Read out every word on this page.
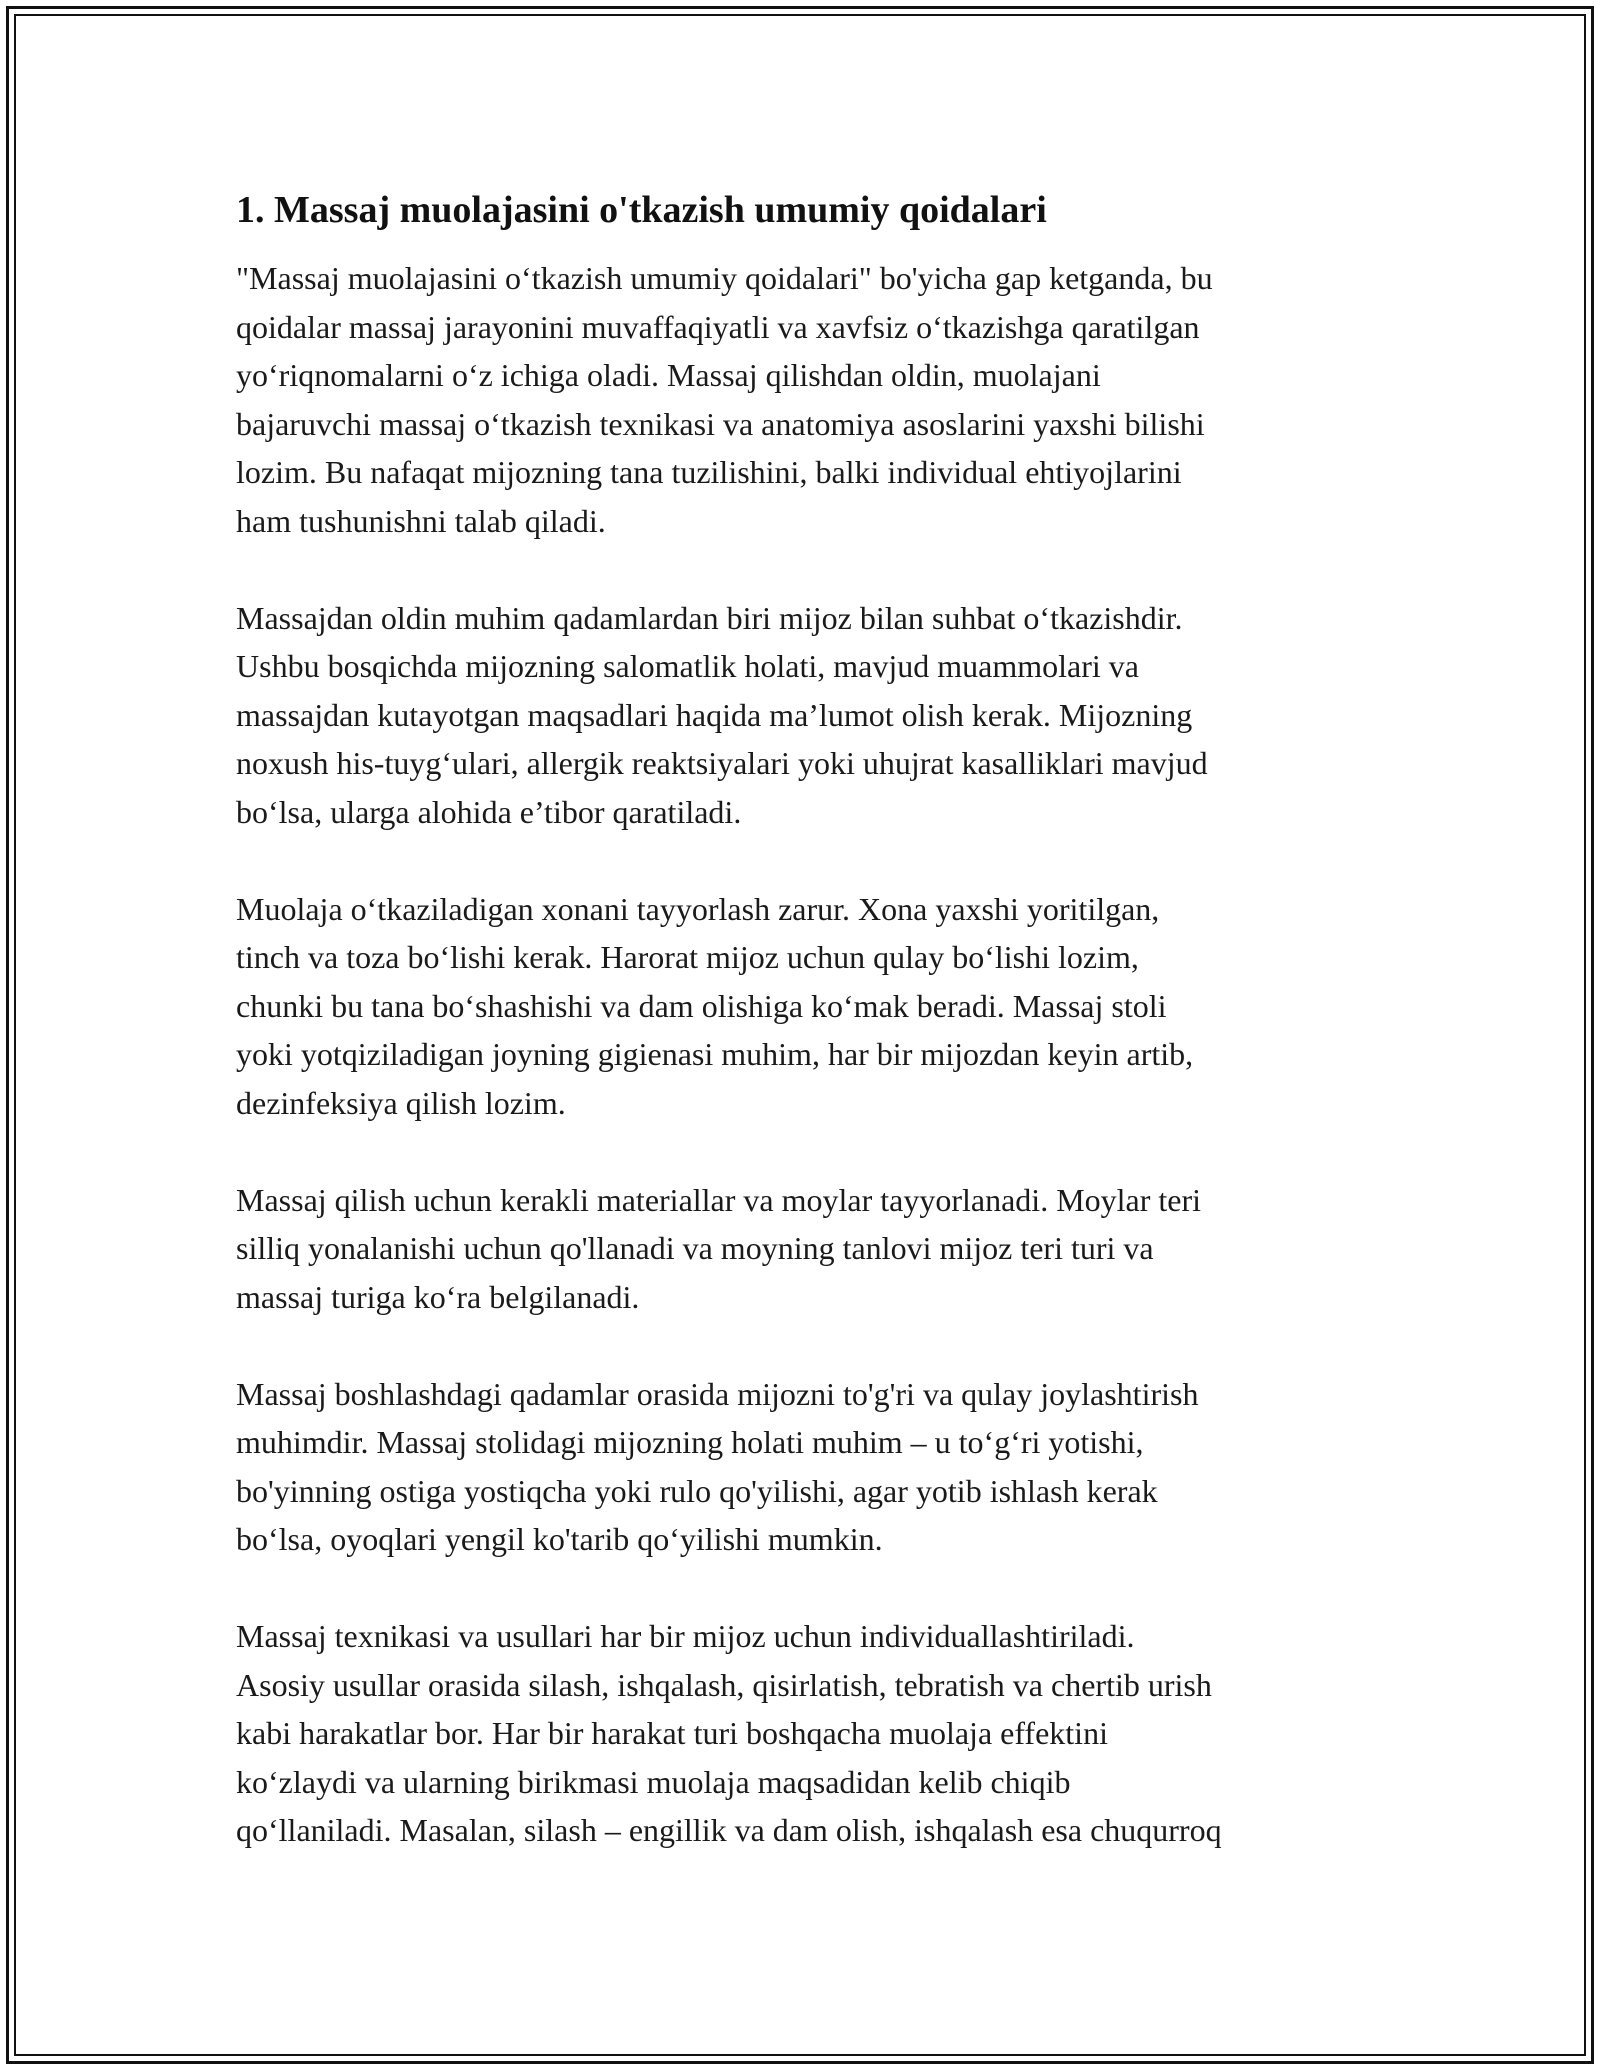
1. Massaj muolajasini o'tkazish umumiy qoidalari

"Massaj muolajasini o‘tkazish umumiy qoidalari" bo'yicha gap ketganda, bu
qoidalar massaj jarayonini muvaffaqiyatli va xavfsiz o‘tkazishga qaratilgan
yo‘riqnomalarni o‘z ichiga oladi. Massaj qilishdan oldin, muolajani
bajaruvchi massaj o‘tkazish texnikasi va anatomiya asoslarini yaxshi bilishi
lozim. Bu nafaqat mijozning tana tuzilishini, balki individual ehtiyojlarini
ham tushunishni talab qiladi.

Massajdan oldin muhim qadamlardan biri mijoz bilan suhbat o‘tkazishdir.
Ushbu bosqichda mijozning salomatlik holati, mavjud muammolari va
massajdan kutayotgan maqsadlari haqida ma’lumot olish kerak. Mijozning
noxush his-tuyg‘ulari, allergik reaktsiyalari yoki uhujrat kasalliklari mavjud
bo‘lsa, ularga alohida e’tibor qaratiladi.

Muolaja o‘tkaziladigan xonani tayyorlash zarur. Xona yaxshi yoritilgan,
tinch va toza bo‘lishi kerak. Harorat mijoz uchun qulay bo‘lishi lozim,
chunki bu tana bo‘shashishi va dam olishiga ko‘mak beradi. Massaj stoli
yoki yotqiziladigan joyning gigienasi muhim, har bir mijozdan keyin artib,
dezinfeksiya qilish lozim.

Massaj qilish uchun kerakli materiallar va moylar tayyorlanadi. Moylar teri
silliq yonalanishi uchun qo'llanadi va moyning tanlovi mijoz teri turi va
massaj turiga ko‘ra belgilanadi.

Massaj boshlashdagi qadamlar orasida mijozni to'g'ri va qulay joylashtirish
muhimdir. Massaj stolidagi mijozning holati muhim – u to‘g‘ri yotishi,
bo'yinning ostiga yostiqcha yoki rulo qo'yilishi, agar yotib ishlash kerak
bo‘lsa, oyoqlari yengil ko'tarib qo‘yilishi mumkin.

Massaj texnikasi va usullari har bir mijoz uchun individuallashtiriladi.
Asosiy usullar orasida silash, ishqalash, qisirlatish, tebratish va chertib urish
kabi harakatlar bor. Har bir harakat turi boshqacha muolaja effektini
ko‘zlaydi va ularning birikmasi muolaja maqsadidan kelib chiqib
qo‘llaniladi. Masalan, silash – engillik va dam olish, ishqalash esa chuqurroq
